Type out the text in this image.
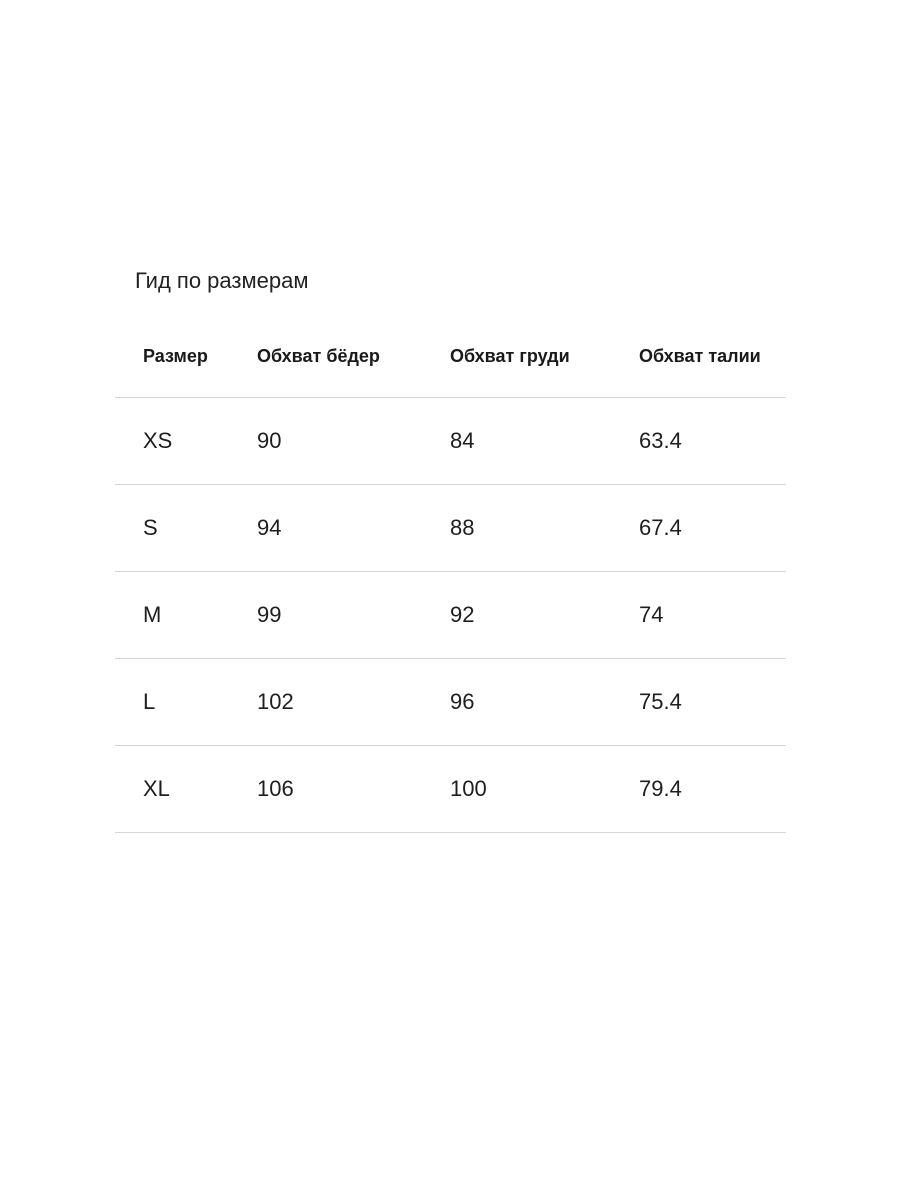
Гид по размерам
Размер	Обхват бёдер	Обхват груди	Обхват талии
XS	90	84	63.4
S	94	88	67.4
M	99	92	74
L	102	96	75.4
XL	106	100	79.4
